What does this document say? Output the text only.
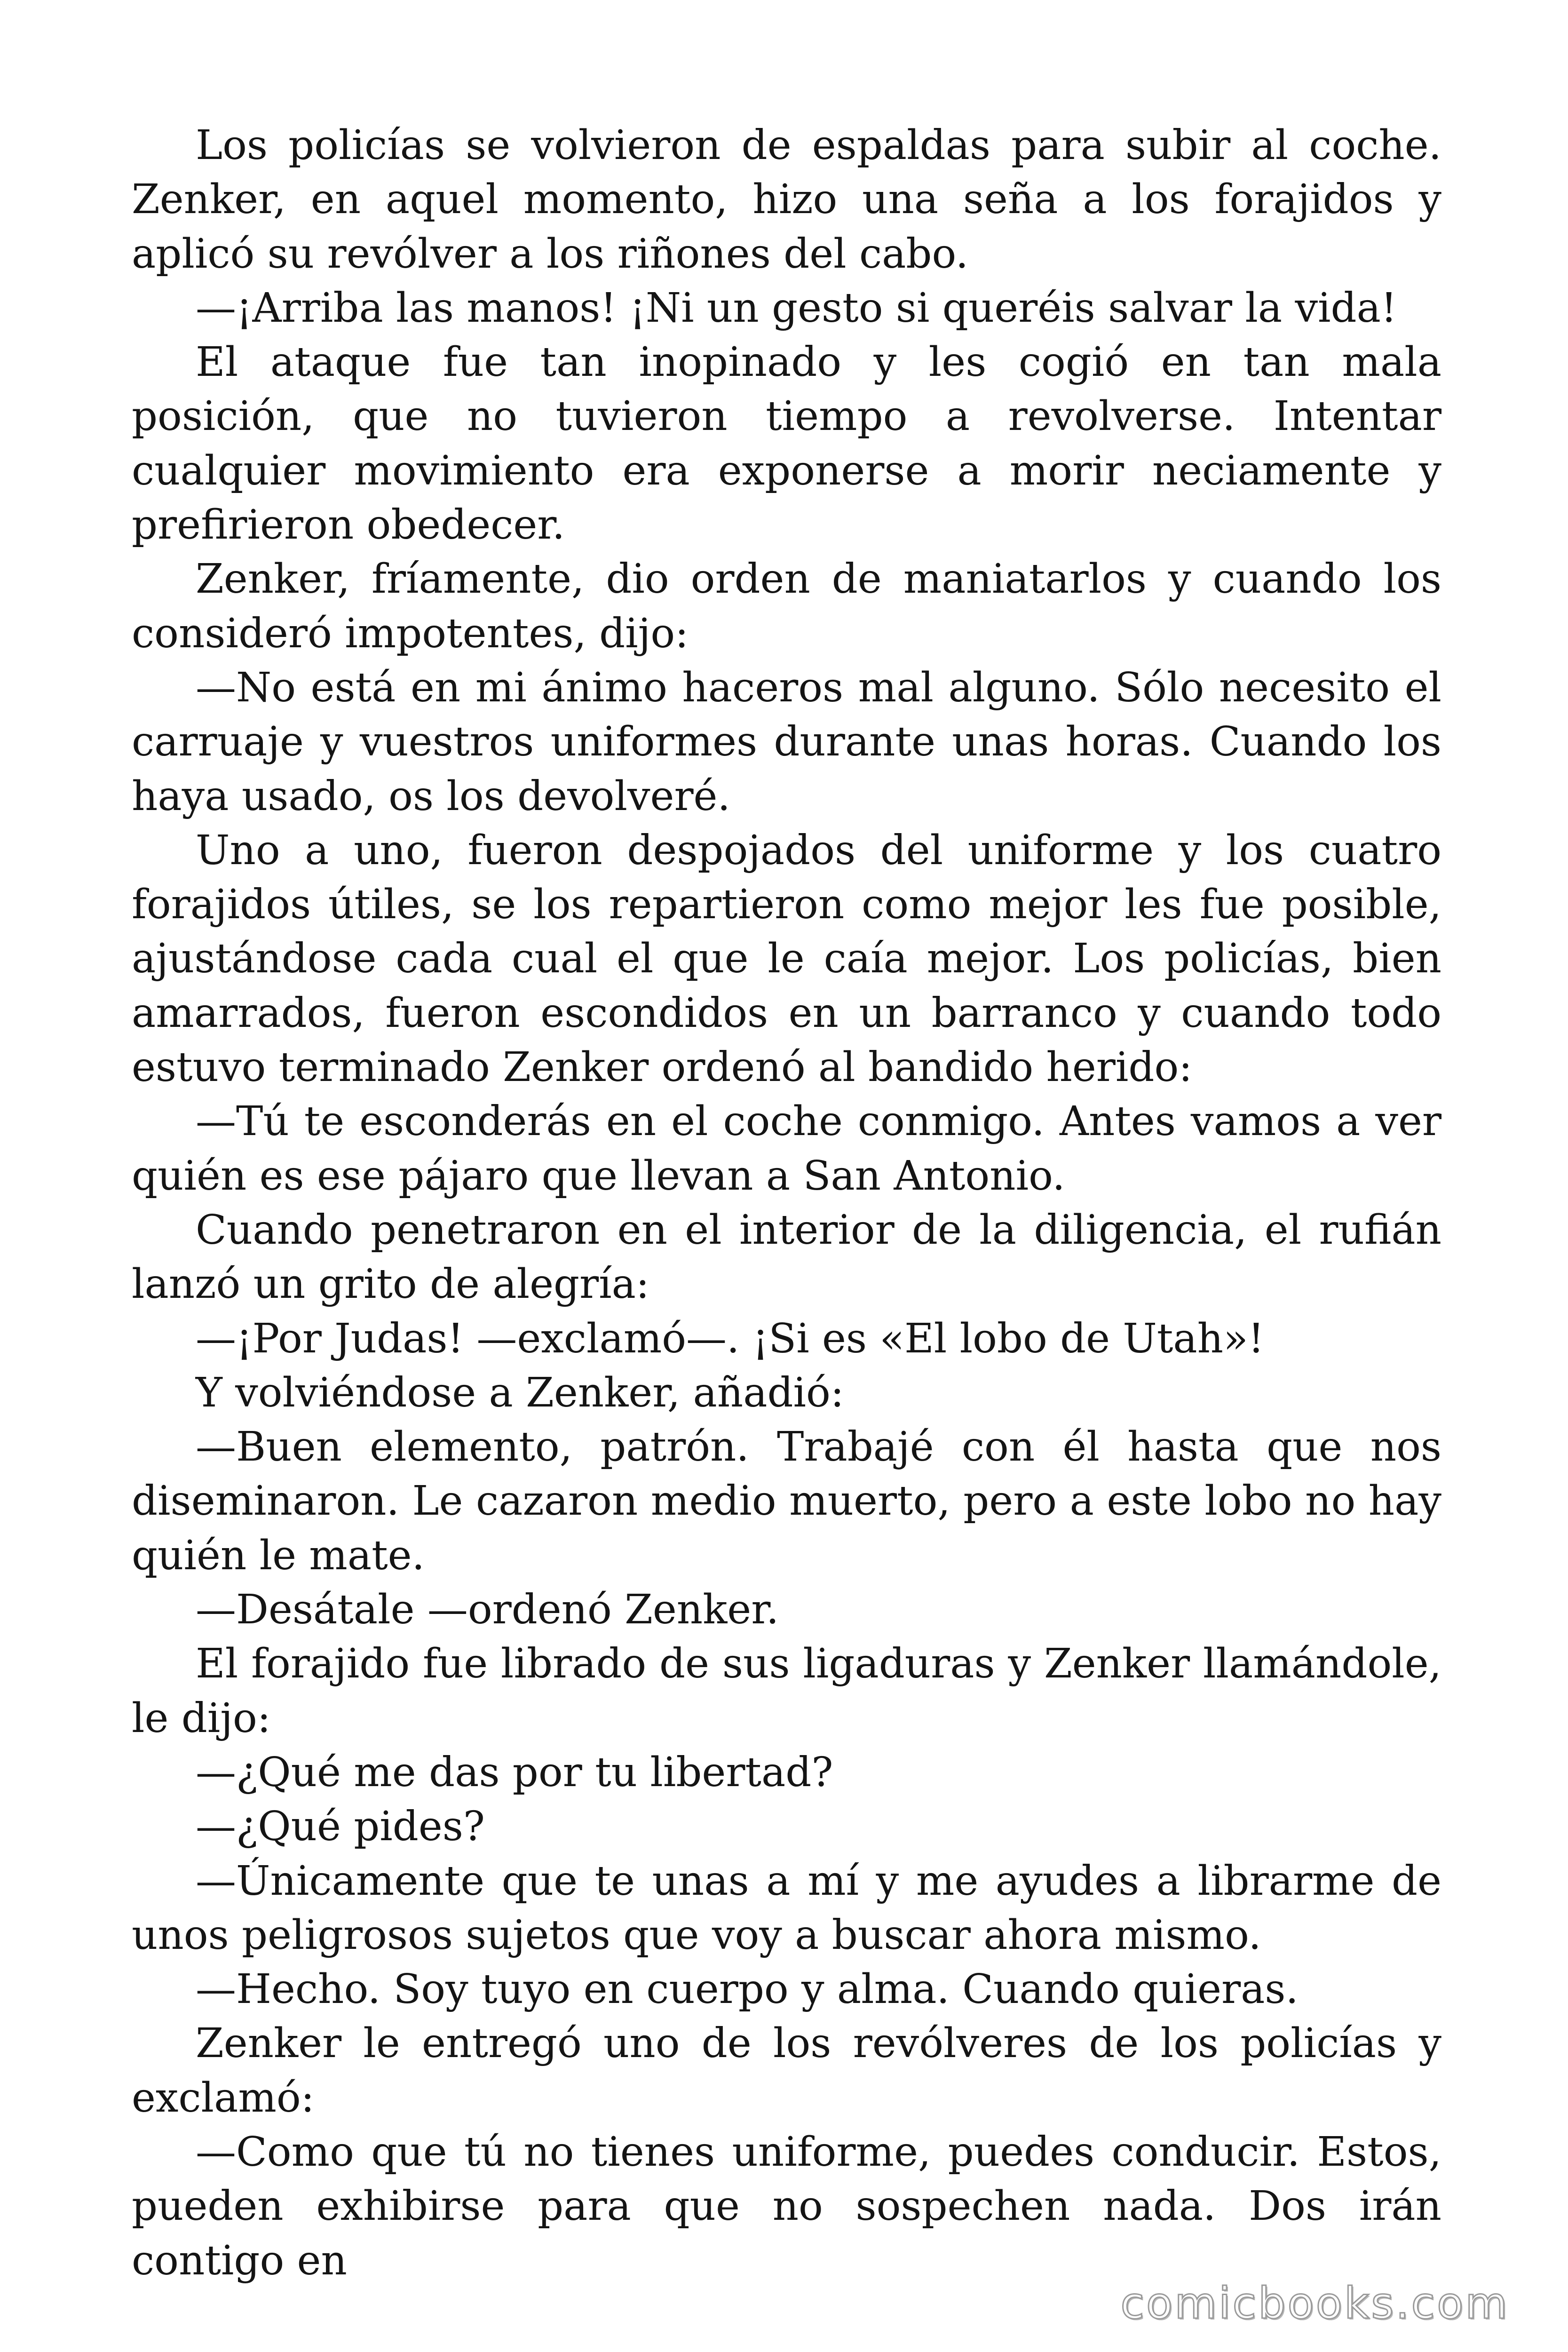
Los policías se volvieron de espaldas para subir al coche. Zenker, en aquel momento, hizo una seña a los forajidos y aplicó su revólver a los riñones del cabo.

—¡Arriba las manos! ¡Ni un gesto si queréis salvar la vida!

El ataque fue tan inopinado y les cogió en tan mala posición, que no tuvieron tiempo a revolverse. Intentar cualquier movimiento era exponerse a morir neciamente y prefirieron obedecer.

Zenker, fríamente, dio orden de maniatarlos y cuando los consideró impotentes, dijo:

—No está en mi ánimo haceros mal alguno. Sólo necesito el carruaje y vuestros uniformes durante unas horas. Cuando los haya usado, os los devolveré.

Uno a uno, fueron despojados del uniforme y los cuatro forajidos útiles, se los repartieron como mejor les fue posible, ajustándose cada cual el que le caía mejor. Los policías, bien amarrados, fueron escondidos en un barranco y cuando todo estuvo terminado Zenker ordenó al bandido herido:

—Tú te esconderás en el coche conmigo. Antes vamos a ver quién es ese pájaro que llevan a San Antonio.

Cuando penetraron en el interior de la diligencia, el rufián lanzó un grito de alegría:

—¡Por Judas! —exclamó—. ¡Si es «El lobo de Utah»!

Y volviéndose a Zenker, añadió:

—Buen elemento, patrón. Trabajé con él hasta que nos diseminaron. Le cazaron medio muerto, pero a este lobo no hay quién le mate.

—Desátale —ordenó Zenker.

El forajido fue librado de sus ligaduras y Zenker llamándole, le dijo:

—¿Qué me das por tu libertad?

—¿Qué pides?

—Únicamente que te unas a mí y me ayudes a librarme de unos peligrosos sujetos que voy a buscar ahora mismo.

—Hecho. Soy tuyo en cuerpo y alma. Cuando quieras.

Zenker le entregó uno de los revólveres de los policías y exclamó:

—Como que tú no tienes uniforme, puedes conducir. Estos, pueden exhibirse para que no sospechen nada. Dos irán contigo en

comicbooks.com
